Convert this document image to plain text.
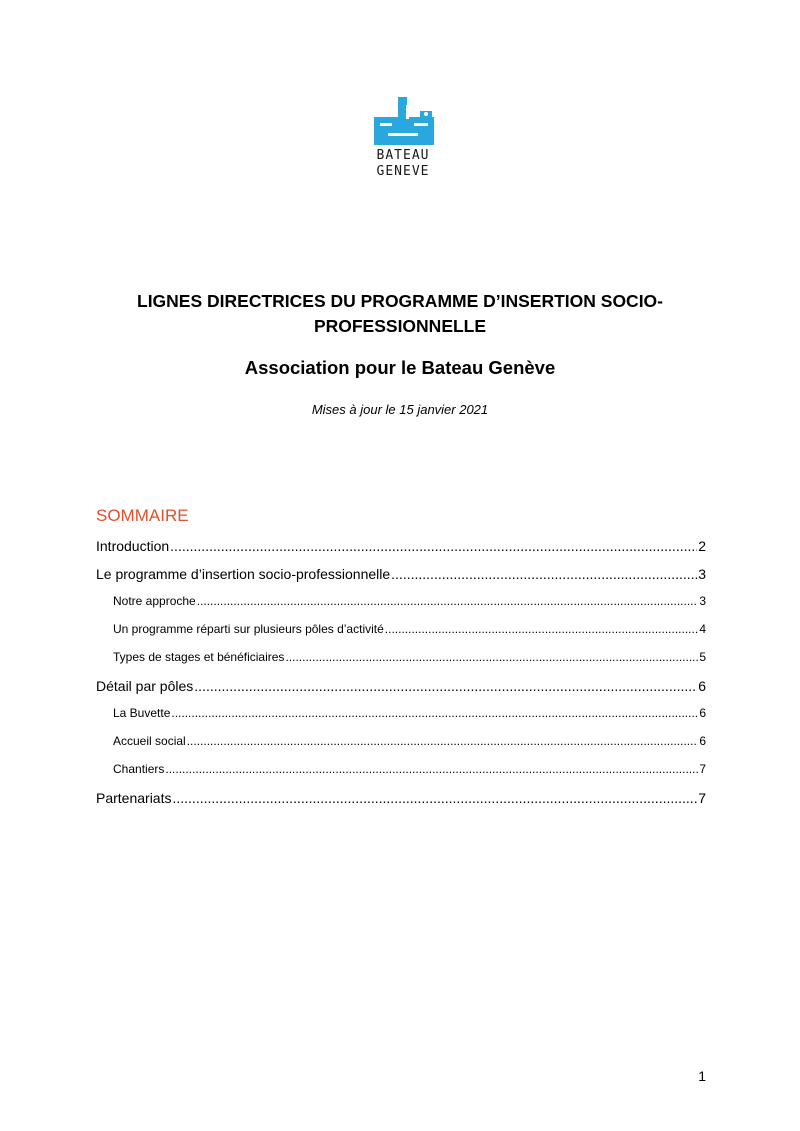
BATEAU
GENEVE
LIGNES DIRECTRICES DU PROGRAMME D’INSERTION SOCIO-PROFESSIONNELLE
Association pour le Bateau Genève
Mises à jour le 15 janvier 2021
SOMMAIRE
Introduction .....	2
Le programme d’insertion socio-professionnelle .....	3
Notre approche .....	3
Un programme réparti sur plusieurs pôles d’activité .....	4
Types de stages et bénéficiaires .....	5
Détail par pôles .....	6
La Buvette .....	6
Accueil social .....	6
Chantiers .....	7
Partenariats .....	7
1
